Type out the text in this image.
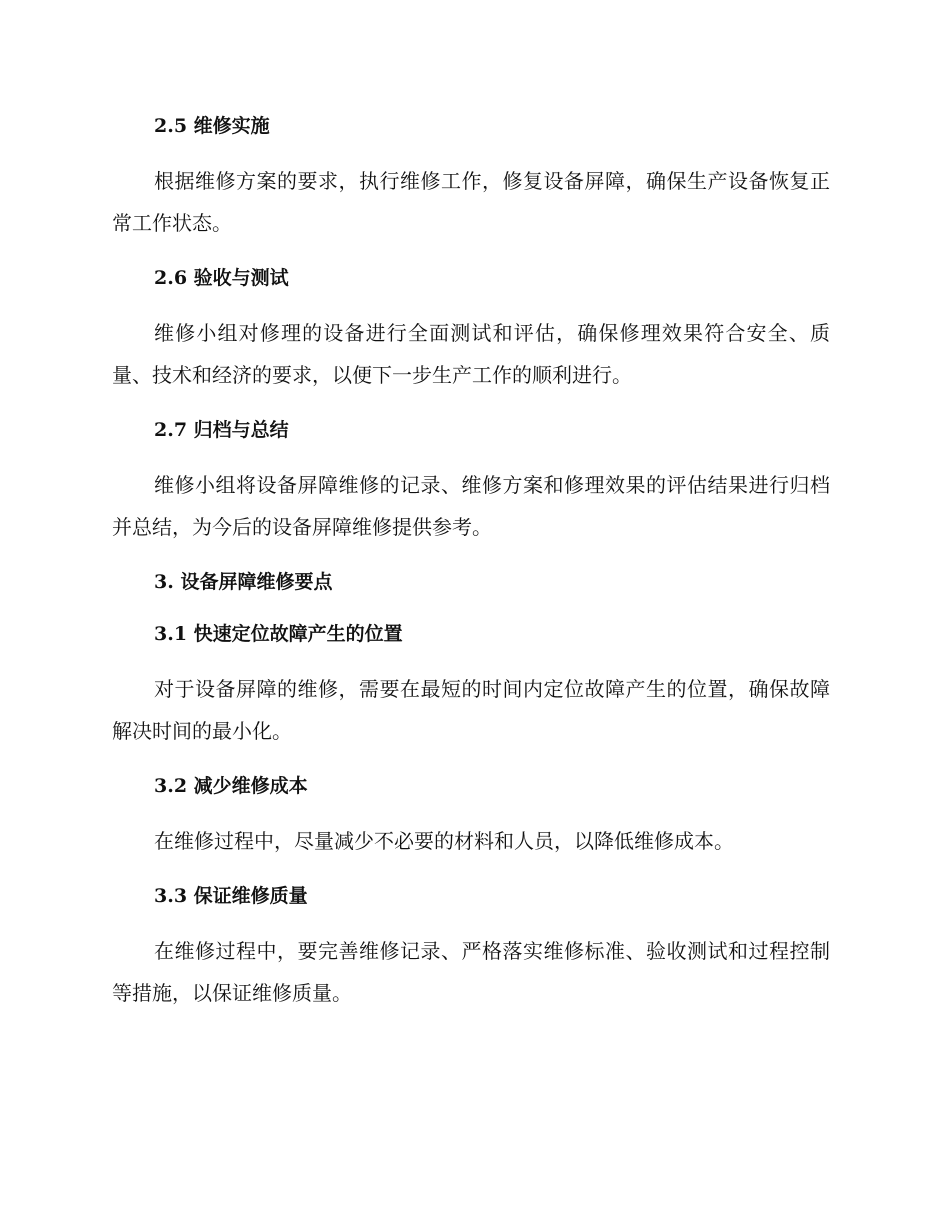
2.5 维修实施

根据维修方案的要求，执行维修工作，修复设备屏障，确保生产设备恢复正常工作状态。

2.6 验收与测试

维修小组对修理的设备进行全面测试和评估，确保修理效果符合安全、质量、技术和经济的要求，以便下一步生产工作的顺利进行。

2.7 归档与总结

维修小组将设备屏障维修的记录、维修方案和修理效果的评估结果进行归档并总结，为今后的设备屏障维修提供参考。

3. 设备屏障维修要点
3.1 快速定位故障产生的位置

对于设备屏障的维修，需要在最短的时间内定位故障产生的位置，确保故障解决时间的最小化。

3.2 减少维修成本

在维修过程中，尽量减少不必要的材料和人员，以降低维修成本。

3.3 保证维修质量

在维修过程中，要完善维修记录、严格落实维修标准、验收测试和过程控制等措施，以保证维修质量。
